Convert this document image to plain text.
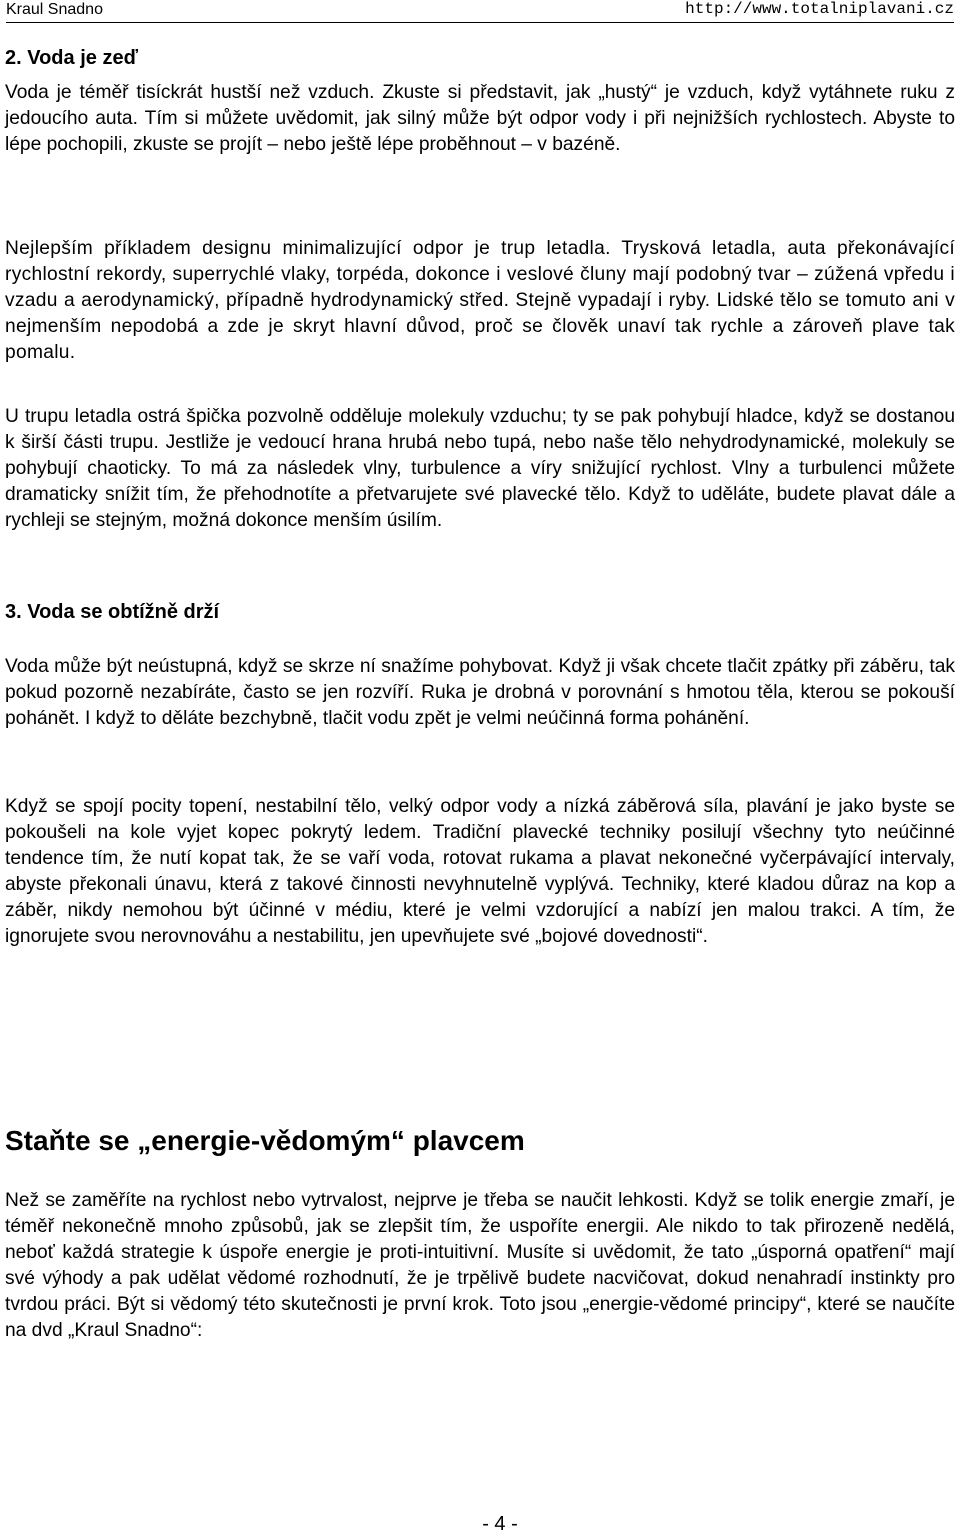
Kraul Snadno	http://www.totalniplavani.cz
2. Voda je zeď

Voda je téměř tisíckrát hustší než vzduch. Zkuste si představit, jak „hustý“ je vzduch, když vytáhnete ruku z jedoucího auta. Tím si můžete uvědomit, jak silný může být odpor vody i při nejnižších rychlostech. Abyste to lépe pochopili, zkuste se projít – nebo ještě lépe proběhnout – v bazéně.

Nejlepším příkladem designu minimalizující odpor je trup letadla. Trysková letadla, auta překonávající rychlostní rekordy, superrychlé vlaky, torpéda, dokonce i veslové čluny mají podobný tvar – zúžená vpředu i vzadu a aerodynamický, případně hydrodynamický střed. Stejně vypadají i ryby. Lidské tělo se tomuto ani v nejmenším nepodobá a zde je skryt hlavní důvod, proč se člověk unaví tak rychle a zároveň plave tak pomalu.

U trupu letadla ostrá špička pozvolně odděluje molekuly vzduchu; ty se pak pohybují hladce, když se dostanou k širší části trupu. Jestliže je vedoucí hrana hrubá nebo tupá, nebo naše tělo nehydrodynamické, molekuly se pohybují chaoticky. To má za následek vlny, turbulence a víry snižující rychlost. Vlny a turbulenci můžete dramaticky snížit tím, že přehodnotíte a přetvarujete své plavecké tělo. Když to uděláte, budete plavat dále a rychleji se stejným, možná dokonce menším úsilím.

3. Voda se obtížně drží

Voda může být neústupná, když se skrze ní snažíme pohybovat. Když ji však chcete tlačit zpátky při záběru, tak pokud pozorně nezabíráte, často se jen rozvíří. Ruka je drobná v porovnání s hmotou těla, kterou se pokouší pohánět. I když to děláte bezchybně, tlačit vodu zpět je velmi neúčinná forma pohánění.

Když se spojí pocity topení, nestabilní tělo, velký odpor vody a nízká záběrová síla, plavání je jako byste se pokoušeli na kole vyjet kopec pokrytý ledem. Tradiční plavecké techniky posilují všechny tyto neúčinné tendence tím, že nutí kopat tak, že se vaří voda, rotovat rukama a plavat nekonečné vyčerpávající intervaly, abyste překonali únavu, která z takové činnosti nevyhnutelně vyplývá. Techniky, které kladou důraz na kop a záběr, nikdy nemohou být účinné v médiu, které je velmi vzdorující a nabízí jen malou trakci. A tím, že ignorujete svou nerovnováhu a nestabilitu, jen upevňujete své „bojové dovednosti“.

Staňte se „energie-vědomým“ plavcem

Než se zaměříte na rychlost nebo vytrvalost, nejprve je třeba se naučit lehkosti. Když se tolik energie zmaří, je téměř nekonečně mnoho způsobů, jak se zlepšit tím, že uspoříte energii. Ale nikdo to tak přirozeně nedělá, neboť každá strategie k úspoře energie je proti-intuitivní. Musíte si uvědomit, že tato „úsporná opatření“ mají své výhody a pak udělat vědomé rozhodnutí, že je trpělivě budete nacvičovat, dokud nenahradí instinkty pro tvrdou práci. Být si vědomý této skutečnosti je první krok. Toto jsou „energie-vědomé principy“, které se naučíte na dvd „Kraul Snadno“:

- 4 -
